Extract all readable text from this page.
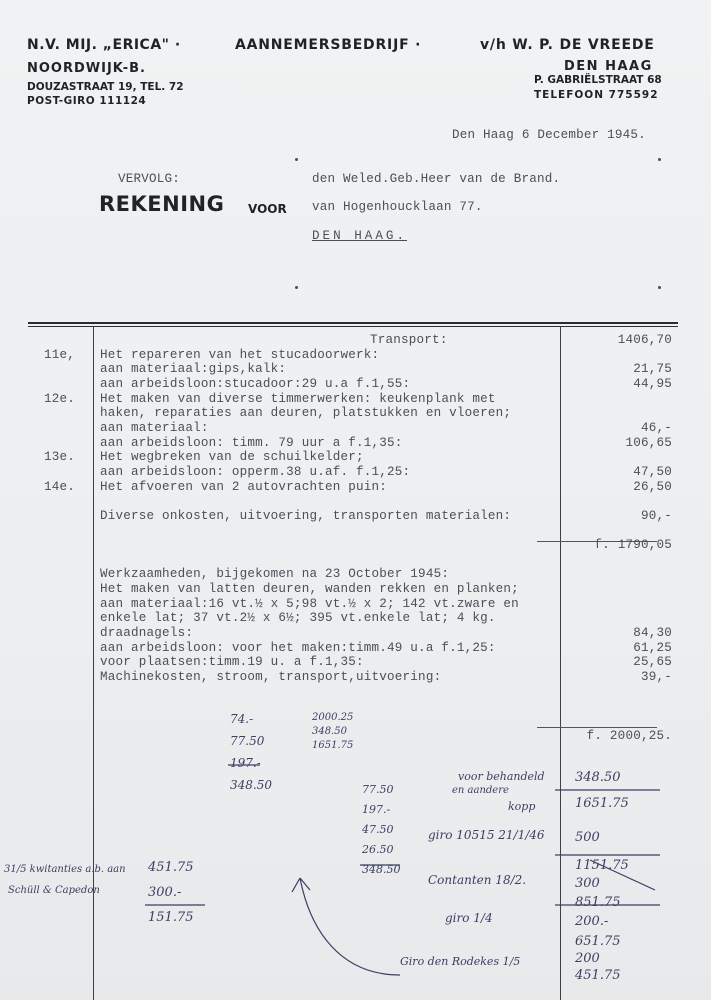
N.V. MIJ. „ERICA" ·	AANNEMERSBEDRIJF ·	v/h W. P. DE VREEDE
NOORDWIJK-B.
DOUZASTRAAT 19, TEL. 72
POST-GIRO 111124
DEN HAAG
P. GABRIËLSTRAAT 68
TELEFOON 775592
Den Haag 6 December 1945.
VERVOLG:
REKENING VOOR
den Weled.Geb.Heer van de Brand.
van Hogenhoucklaan 77.
DEN HAAG.
Transport:	1406,70
11e, Het repareren van het stucadoorwerk:
aan materiaal:gips,kalk:	21,75
aan arbeidsloon:stucadoor:29 u.a f.1,55:	44,95
12e. Het maken van diverse timmerwerken: keukenplank met
haken, reparaties aan deuren, platstukken en vloeren;
aan materiaal:	46,-
aan arbeidsloon: timm. 79 uur a f.1,35:	106,65
13e. Het wegbreken van de schuilkelder;
aan arbeidsloon: opperm.38 u.af. f.1,25:	47,50
14e. Het afvoeren van 2 autovrachten puin:	26,50
Diverse onkosten, uitvoering, transporten materialen:	90,-
f. 1790,05
Werkzaamheden, bijgekomen na 23 October 1945:
Het maken van latten deuren, wanden rekken en planken;
aan materiaal:16 vt.½ x 5;98 vt.½ x 2; 142 vt.zware en
enkele lat; 37 vt.2½ x 6½; 395 vt.enkele lat; 4 kg.
draadnagels:	84,30
aan arbeidsloon: voor het maken:timm.49 u.a f.1,25:	61,25
voor plaatsen:timm.19 u. a f.1,35:	25,65
Machinekosten, stroom, transport,uitvoering:	39,-
f. 2000,25.
74.-
77.50
197.-
348.50
2000.25
348.50
1651.75
77.50
197.-
47.50
26.50
348.50
voor behandeld
en aandere
kopp
giro 10515 21/1/46
Contanten 18/2.
giro 1/4
Giro den Rodekes 1/5
31/5 kwitanties a.b. aan
Schüll & Capedon
348.50
1651.75
500
1151.75
300
851.75
200.-
651.75
200
451.75
451.75
300.-
151.75
